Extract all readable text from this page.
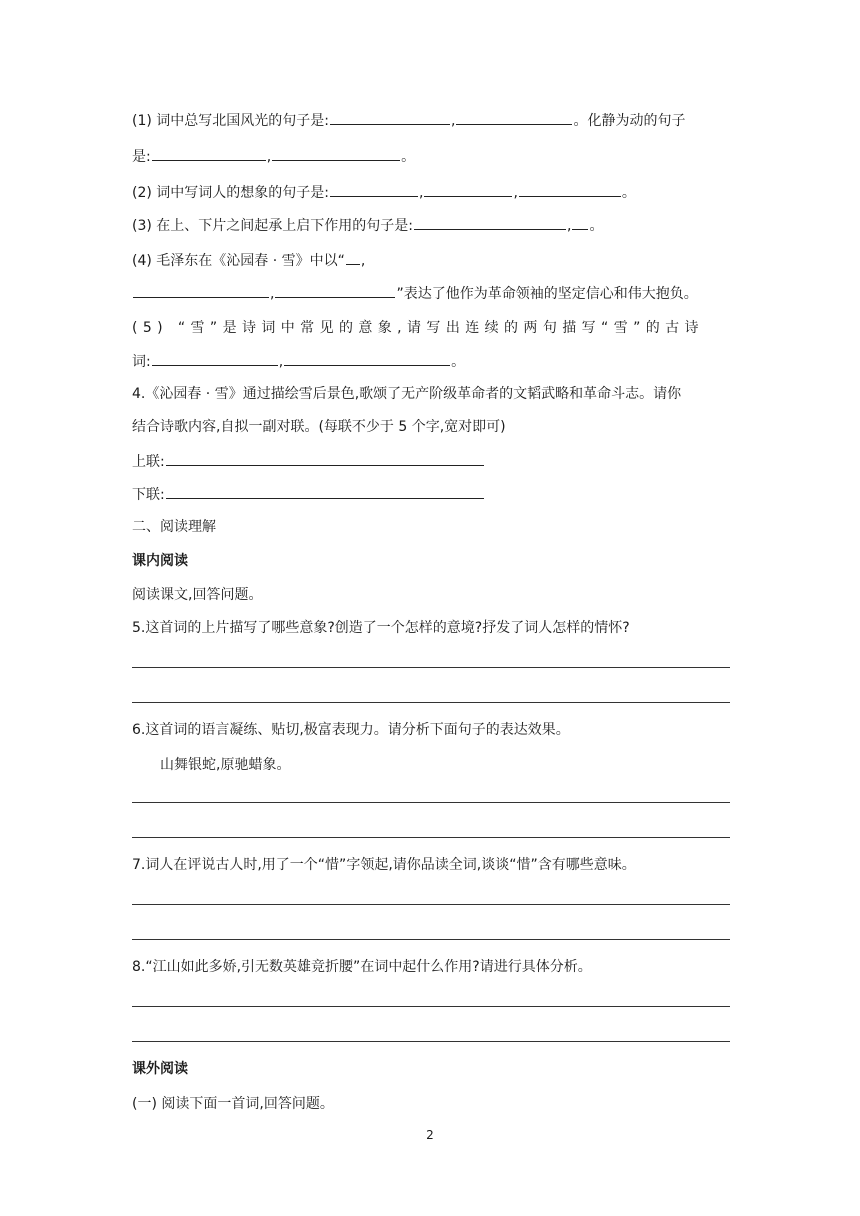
(1) 词中总写北国风光的句子是:	,	。化静为动的句子
是:	,	。
(2) 词中写词人的想象的句子是:	,	,	。
(3) 在上、下片之间起承上启下作用的句子是:	, 。
(4) 毛泽东在《沁园春 · 雪》中以“ ,
,	”表达了他作为革命领袖的坚定信心和伟大抱负。
(5) “雪”是诗词中常见的意象,请写出连续的两句描写“雪”的古诗
词:	,	。
4.《沁园春 · 雪》通过描绘雪后景色,歌颂了无产阶级革命者的文韬武略和革命斗志。请你
结合诗歌内容,自拟一副对联。(每联不少于 5 个字,宽对即可)
上联:
下联:
二、阅读理解
课内阅读
阅读课文,回答问题。
5.这首词的上片描写了哪些意象?创造了一个怎样的意境?抒发了词人怎样的情怀?
6.这首词的语言凝练、贴切,极富表现力。请分析下面句子的表达效果。
山舞银蛇,原驰蜡象。
7.词人在评说古人时,用了一个“惜”字领起,请你品读全词,谈谈“惜”含有哪些意味。
8.“江山如此多娇,引无数英雄竞折腰”在词中起什么作用?请进行具体分析。
课外阅读
(一) 阅读下面一首词,回答问题。
2
